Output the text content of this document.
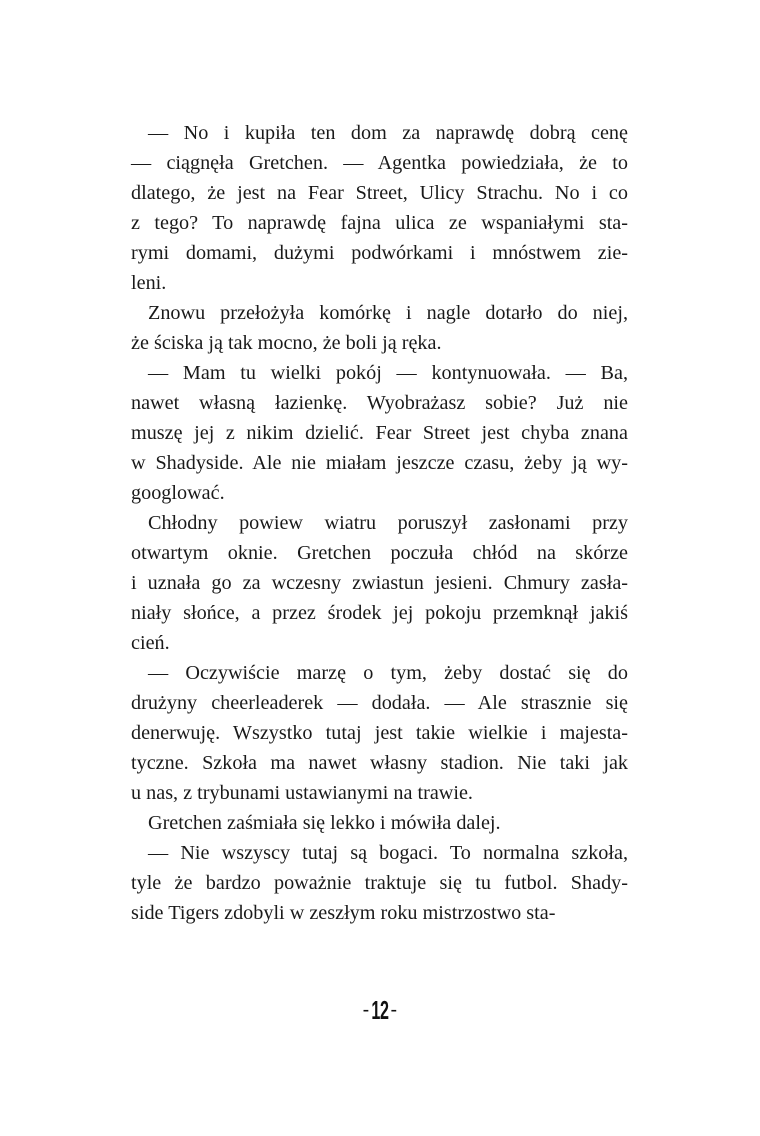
— No i kupiła ten dom za naprawdę dobrą cenę
— ciągnęła Gretchen. — Agentka powiedziała, że to
dlatego, że jest na Fear Street, Ulicy Strachu. No i co
z tego? To naprawdę fajna ulica ze wspaniałymi sta-
rymi domami, dużymi podwórkami i mnóstwem zie-
leni.

Znowu przełożyła komórkę i nagle dotarło do niej,
że ściska ją tak mocno, że boli ją ręka.

— Mam tu wielki pokój — kontynuowała. — Ba,
nawet własną łazienkę. Wyobrażasz sobie? Już nie
muszę jej z nikim dzielić. Fear Street jest chyba znana
w Shadyside. Ale nie miałam jeszcze czasu, żeby ją wy-
googlować.

Chłodny powiew wiatru poruszył zasłonami przy
otwartym oknie. Gretchen poczuła chłód na skórze
i uznała go za wczesny zwiastun jesieni. Chmury zasła-
niały słońce, a przez środek jej pokoju przemknął jakiś
cień.

— Oczywiście marzę o tym, żeby dostać się do
drużyny cheerleaderek — dodała. — Ale strasznie się
denerwuję. Wszystko tutaj jest takie wielkie i majesta-
tyczne. Szkoła ma nawet własny stadion. Nie taki jak
u nas, z trybunami ustawianymi na trawie.

Gretchen zaśmiała się lekko i mówiła dalej.

— Nie wszyscy tutaj są bogaci. To normalna szkoła,
tyle że bardzo poważnie traktuje się tu futbol. Shady-
side Tigers zdobyli w zeszłym roku mistrzostwo sta-

-12-
